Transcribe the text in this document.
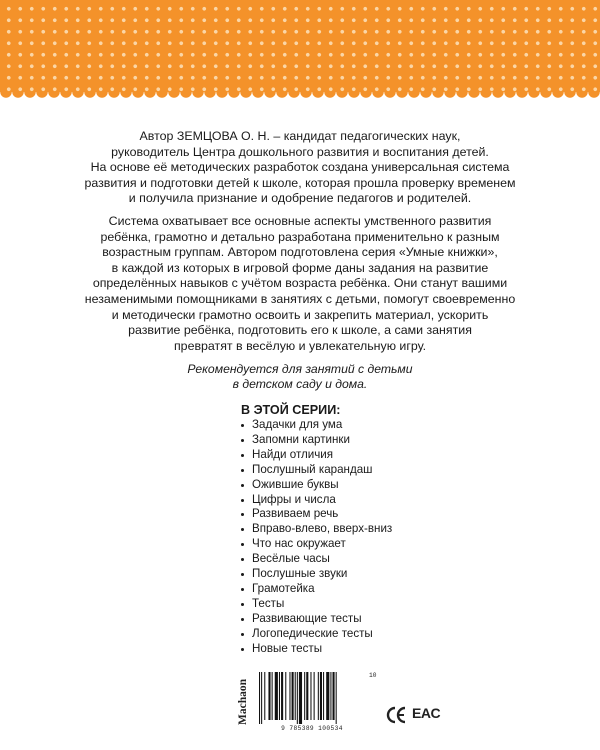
Автор ЗЕМЦОВА О. Н. – кандидат педагогических наук,
руководитель Центра дошкольного развития и воспитания детей.
На основе её методических разработок создана универсальная система
развития и подготовки детей к школе, которая прошла проверку временем
и получила признание и одобрение педагогов и родителей.

Система охватывает все основные аспекты умственного развития
ребёнка, грамотно и детально разработана применительно к разным
возрастным группам. Автором подготовлена серия «Умные книжки»,
в каждой из которых в игровой форме даны задания на развитие
определённых навыков с учётом возраста ребёнка. Они станут вашими
незаменимыми помощниками в занятиях с детьми, помогут своевременно
и методически грамотно освоить и закрепить материал, ускорить
развитие ребёнка, подготовить его к школе, а сами занятия
превратят в весёлую и увлекательную игру.

Рекомендуется для занятий с детьми
в детском саду и дома.
В ЭТОЙ СЕРИИ:
Задачки для ума
Запомни картинки
Найди отличия
Послушный карандаш
Ожившие буквы
Цифры и числа
Развиваем речь
Вправо-влево, вверх-вниз
Что нас окружает
Весёлые часы
Послушные звуки
Грамотейка
Тесты
Развивающие тесты
Логопедические тесты
Новые тесты
Machaon
9 785389 100534
10
EAC
